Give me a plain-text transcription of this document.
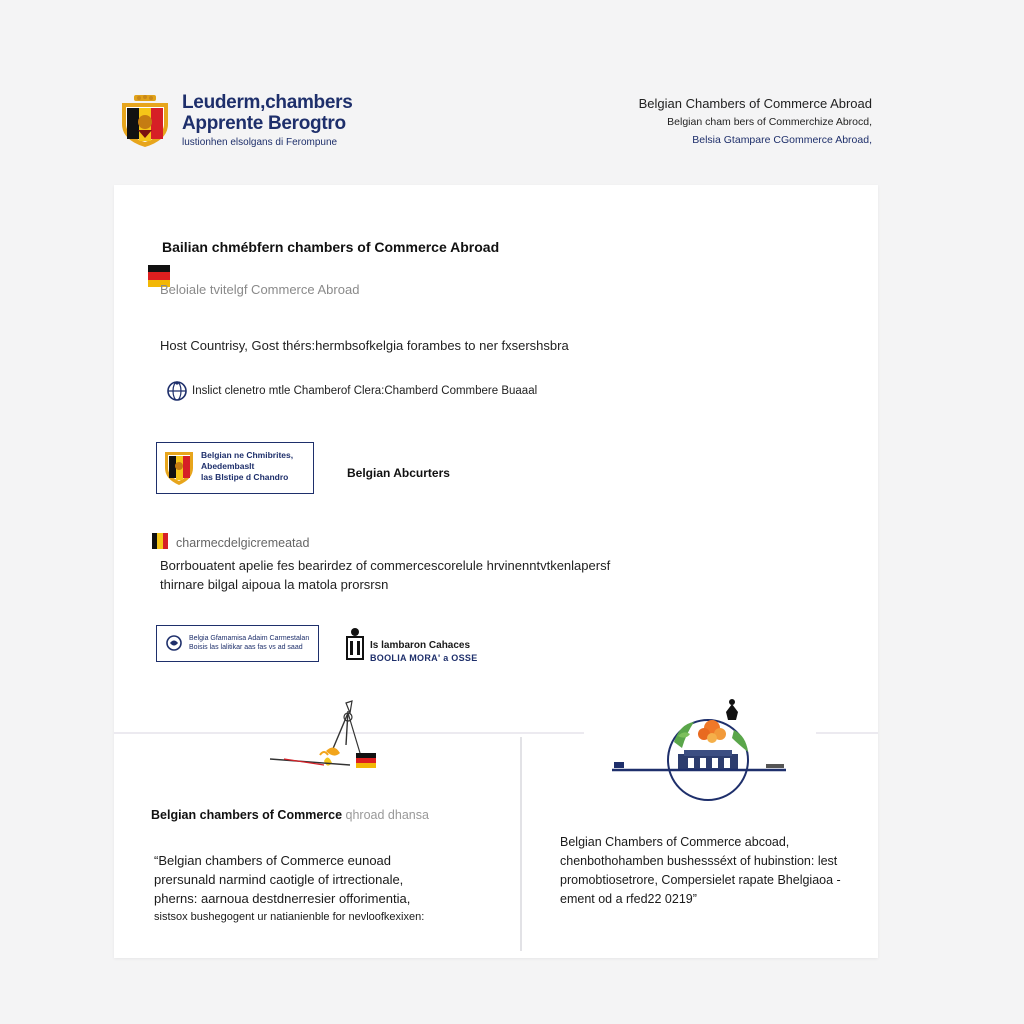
Leuderm,chambers
Apprente Berogtro
lustionhen elsolgans di Ferompune
Belgian Chambers of Commerce Abroad
Belgian cham bers of Commerchize Abrocd,
Belsia Gtampare CGommerce Abroad,
Bailian chmébfern chambers of Commerce Abroad
Beloiale tvitelgf Commerce Abroad
Host Countrisy, Gost thérs:hermbsofkelgia forambes to ner fxsershsbra
Inslict clenetro mtle Chamberof Clera:Chamberd Commbere Buaaal
Belgian ne Chmibrites,
Abedembaslt
las Blstipe d Chandro	Belgian Abcurters
charmecdelgicremeatad
Borrbouatent apelie fes bearirdez of commercescorelule hrvinenntvtkenlapersf
thirnare bilgal aipoua la matola prorsrsn
Belgia Gfamamisa Adaim Carmestalan
Boisis las lalitikar aas fas vs ad saad	Is lambaron Cahaces
BOOLIA MORA' a OSSE
Belgian chambers of Commerce qhroad dhansa
“Belgian chambers of Commerce eunoad
prersunald narmind caotigle of irtrectionale,
pherns: aarnoua destdnerresier offorimentia,
sistsox bushegogent ur natianienble for nevloofkexixen:
Belgian Chambers of Commerce abcoad,
chenbothohamben bushessséxt of hubinstion: lest
promobtiosetrore, Compersielet rapate Bhelgiaoa -
ement od a rfed22 0219”
